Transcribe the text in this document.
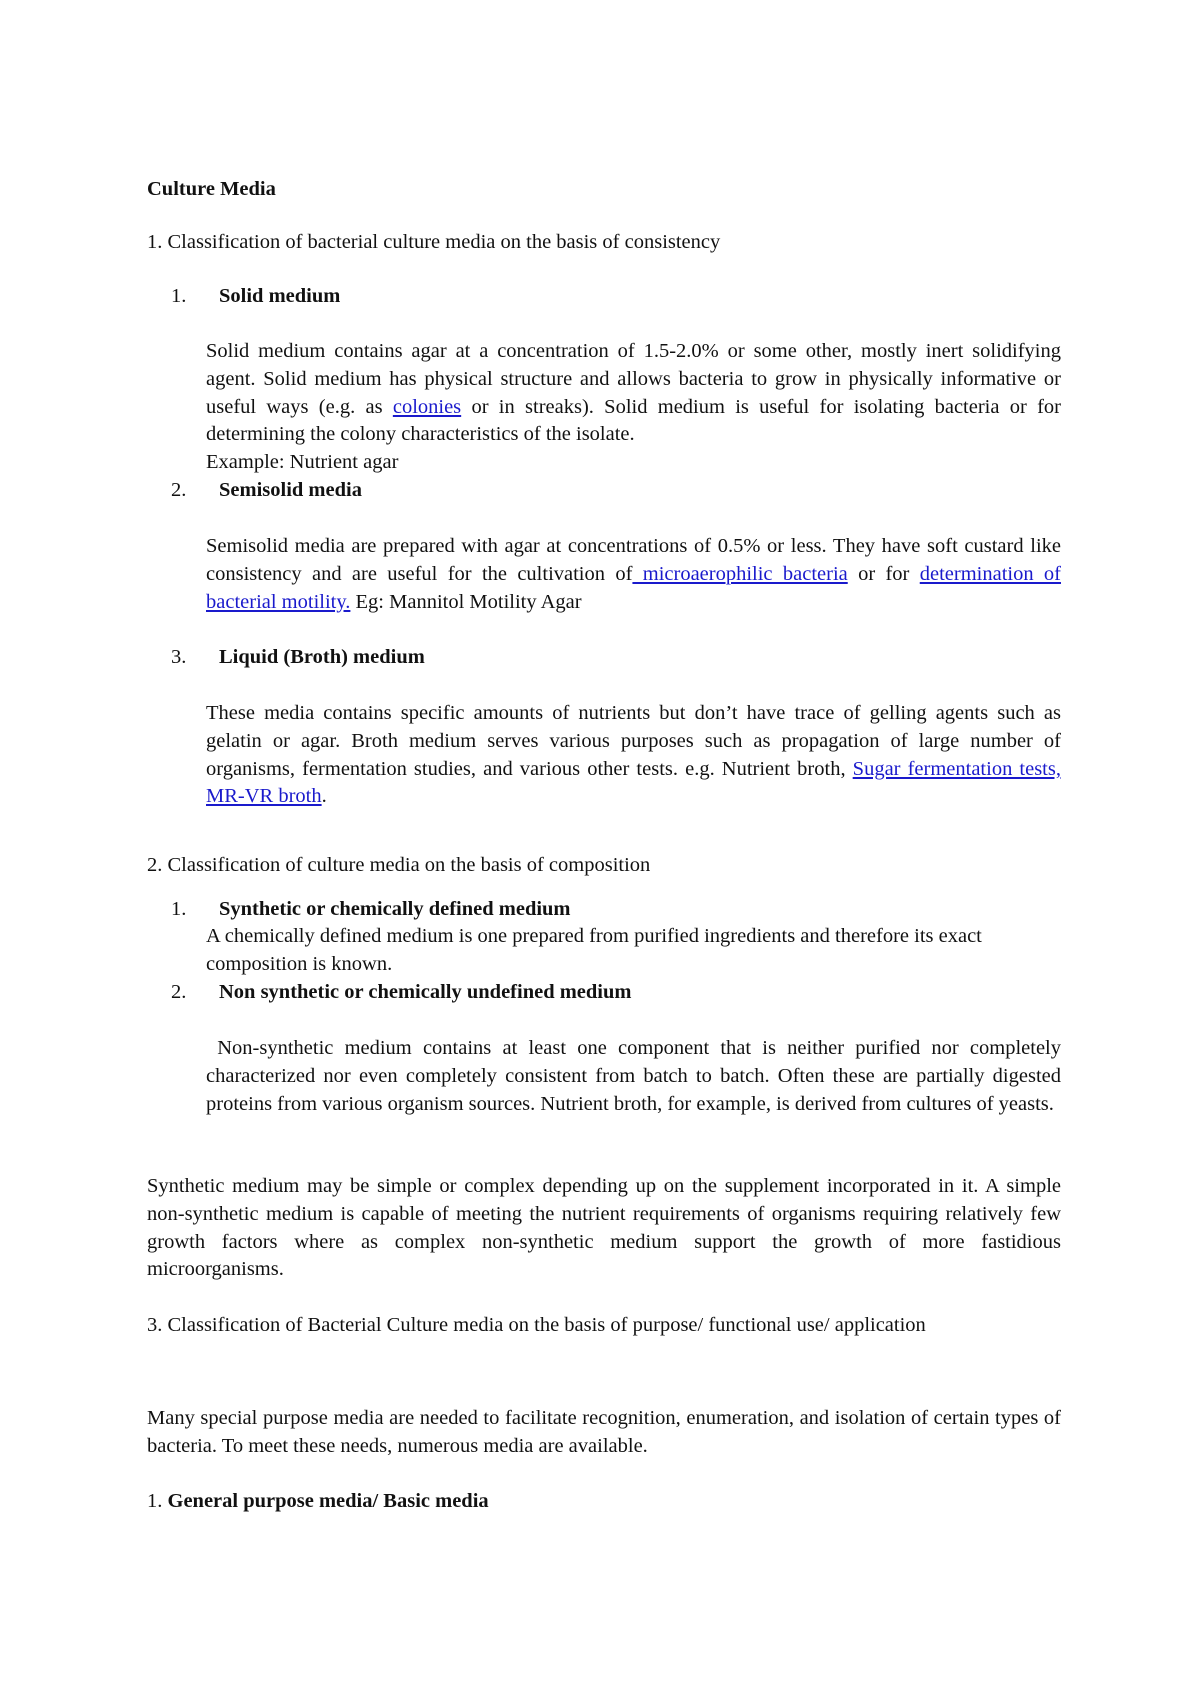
Culture Media
1. Classification of bacterial culture media on the basis of consistency
1. Solid medium
Solid medium contains agar at a concentration of 1.5-2.0% or some other, mostly inert solidifying agent. Solid medium has physical structure and allows bacteria to grow in physically informative or useful ways (e.g. as colonies or in streaks). Solid medium is useful for isolating bacteria or for determining the colony characteristics of the isolate.
Example: Nutrient agar
2. Semisolid media
Semisolid media are prepared with agar at concentrations of 0.5% or less. They have soft custard like consistency and are useful for the cultivation of microaerophilic bacteria or for determination of bacterial motility. Eg: Mannitol Motility Agar
3. Liquid (Broth) medium
These media contains specific amounts of nutrients but don’t have trace of gelling agents such as gelatin or agar. Broth medium serves various purposes such as propagation of large number of organisms, fermentation studies, and various other tests. e.g. Nutrient broth, Sugar fermentation tests, MR-VR broth.
2. Classification of culture media on the basis of composition
1. Synthetic or chemically defined medium
A chemically defined medium is one prepared from purified ingredients and therefore its exact composition is known.
2. Non synthetic or chemically undefined medium
Non-synthetic medium contains at least one component that is neither purified nor completely characterized nor even completely consistent from batch to batch. Often these are partially digested proteins from various organism sources. Nutrient broth, for example, is derived from cultures of yeasts.
Synthetic medium may be simple or complex depending up on the supplement incorporated in it. A simple non-synthetic medium is capable of meeting the nutrient requirements of organisms requiring relatively few growth factors where as complex non-synthetic medium support the growth of more fastidious microorganisms.
3. Classification of Bacterial Culture media on the basis of purpose/ functional use/ application
Many special purpose media are needed to facilitate recognition, enumeration, and isolation of certain types of bacteria. To meet these needs, numerous media are available.
1. General purpose media/ Basic media
